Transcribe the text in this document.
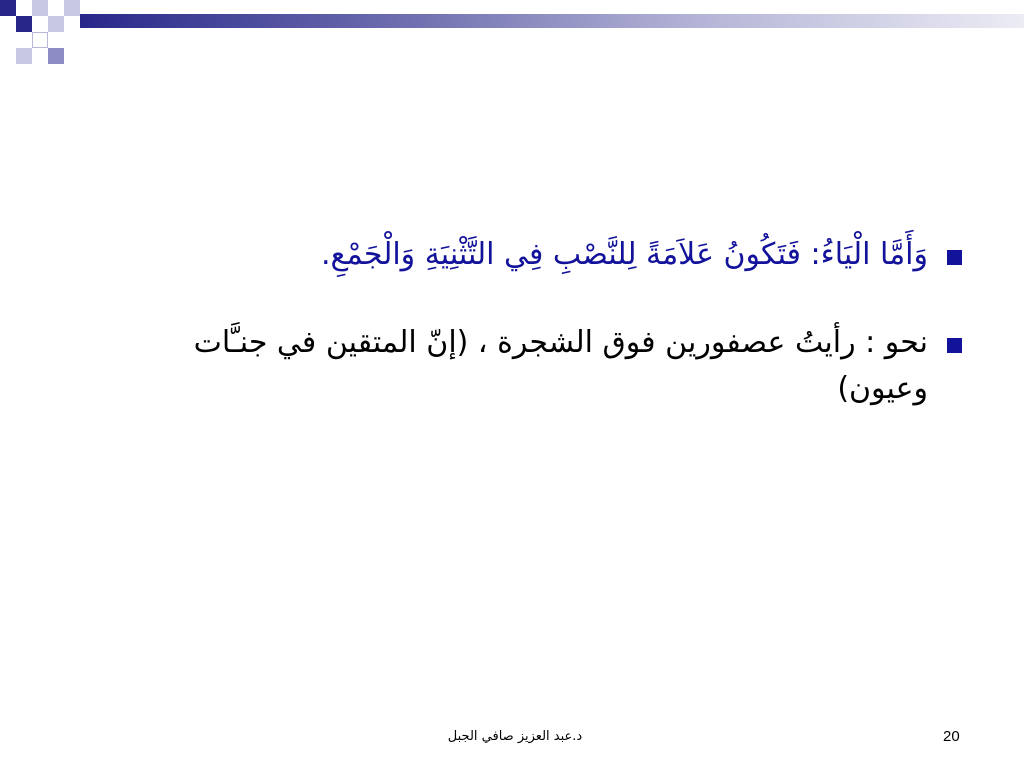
وَأَمَّا الْيَاءُ: فَتَكُونُ عَلاَمَةً لِلنَّصْبِ فِي التَّثْنِيَةِ وَالْجَمْعِ.
نحو : رأيتُ عصفورين فوق الشجرة ، (إنّ المتقين في جنـَّات وعيون)
د.عبد العزيز صافي الجبل	20
